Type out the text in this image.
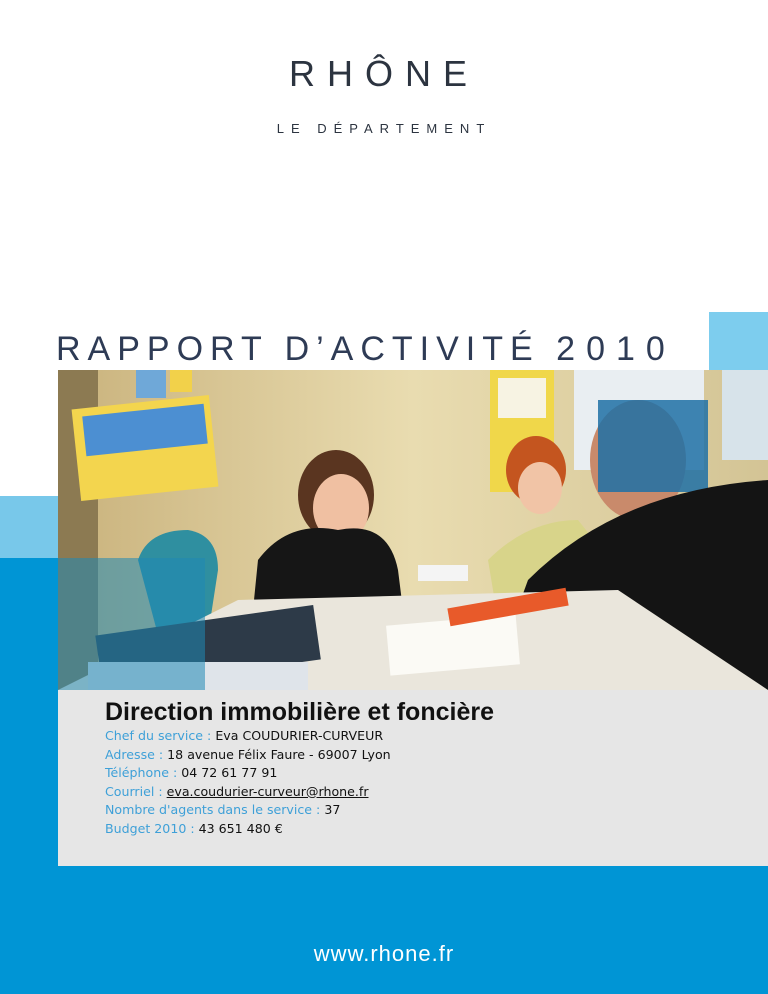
RHÔNE
LE DÉPARTEMENT
RAPPORT D’ACTIVITÉ 2010
Direction immobilière et foncière
Chef du service : Eva COUDURIER-CURVEUR
Adresse : 18 avenue Félix Faure - 69007 Lyon
Téléphone : 04 72 61 77 91
Courriel : eva.coudurier-curveur@rhone.fr
Nombre d'agents dans le service : 37
Budget 2010 : 43 651 480 €
www.rhone.fr
